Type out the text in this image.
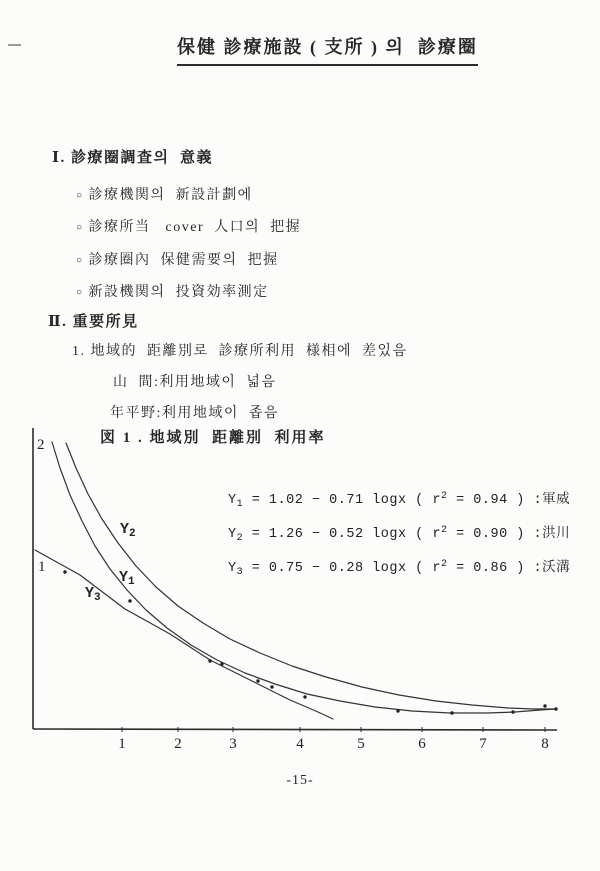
保健 診療施設 ( 支所 ) 의  診療圈
Ⅰ. 診療圈調査의  意義
○ 診療機関의  新設計劃에
○ 診療所当   cover  人口의  把握
○ 診療圈內  保健需要의  把握
○ 新設機関의  投資効率測定
Ⅱ. 重要所見
1. 地域的  距離別로  診療所利用  様相에  差있음
山  間:利用地域이  넓음
年平野:利用地域이  좁음
図 1 . 地域別  距離別  利用率
1	2	3	4	5	6	7	8
2
1
$Y_2$
$Y_1$
$Y_3$
$Y_1 = 1.02 - 0.71$ logx ( $r^2 = 0.94$ ) :軍威
$Y_2 = 1.26 - 0.52$ logx ( $r^2 = 0.90$ ) :洪川
$Y_3 = 0.75 - 0.28$ logx ( $r^2 = 0.86$ ) :沃溝
-15-
